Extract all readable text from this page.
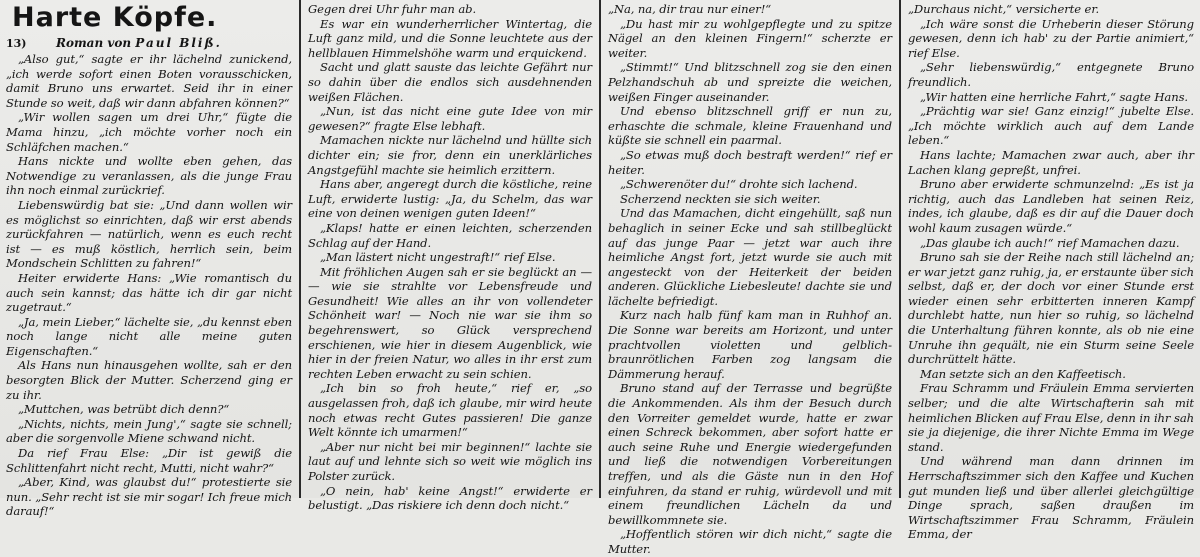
Harte Köpfe.
13)	Roman von Paul Bliß.

„Also gut,“ sagte er ihr lächelnd zunickend, „ich werde sofort einen Boten vorausschicken, damit Bruno uns erwartet. Seid ihr in einer Stunde so weit, daß wir dann abfahren können?“

„Wir wollen sagen um drei Uhr,“ fügte die Mama hinzu, „ich möchte vorher noch ein Schläfchen machen.“

Hans nickte und wollte eben gehen, das Notwendige zu veranlassen, als die junge Frau ihn noch einmal zurückrief.

Liebenswürdig bat sie: „Und dann wollen wir es möglichst so einrichten, daß wir erst abends zurückfahren — natürlich, wenn es euch recht ist — es muß köstlich, herrlich sein, beim Mondschein Schlitten zu fahren!“

Heiter erwiderte Hans: „Wie romantisch du auch sein kannst; das hätte ich dir gar nicht zugetraut.“

„Ja, mein Lieber,“ lächelte sie, „du kennst eben noch lange nicht alle meine guten Eigenschaften.“

Als Hans nun hinausgehen wollte, sah er den besorgten Blick der Mutter. Scherzend ging er zu ihr.

„Muttchen, was betrübt dich denn?“

„Nichts, nichts, mein Jung',“ sagte sie schnell; aber die sorgenvolle Miene schwand nicht.

Da rief Frau Else: „Dir ist gewiß die Schlittenfahrt nicht recht, Mutti, nicht wahr?“

„Aber, Kind, was glaubst du!“ protestierte sie nun. „Sehr recht ist sie mir sogar! Ich freue mich darauf!“

Gegen drei Uhr fuhr man ab.

Es war ein wunderherrlicher Wintertag, die Luft ganz mild, und die Sonne leuchtete aus der hellblauen Himmelshöhe warm und erquickend.

Sacht und glatt sauste das leichte Gefährt nur so dahin über die endlos sich ausdehnenden weißen Flächen.

„Nun, ist das nicht eine gute Idee von mir gewesen?“ fragte Else lebhaft.

Mamachen nickte nur lächelnd und hüllte sich dichter ein; sie fror, denn ein unerklärliches Angstgefühl machte sie heimlich erzittern.

Hans aber, angeregt durch die köstliche, reine Luft, erwiderte lustig: „Ja, du Schelm, das war eine von deinen wenigen guten Ideen!“

„Klaps! hatte er einen leichten, scherzenden Schlag auf der Hand.

„Man lästert nicht ungestraft!“ rief Else.

Mit fröhlichen Augen sah er sie beglückt an — — wie sie strahlte vor Lebensfreude und Gesundheit! Wie alles an ihr von vollendeter Schönheit war! — Noch nie war sie ihm so begehrenswert, so Glück versprechend erschienen, wie hier in diesem Augenblick, wie hier in der freien Natur, wo alles in ihr erst zum rechten Leben erwacht zu sein schien.

„Ich bin so froh heute,“ rief er, „so ausgelassen froh, daß ich glaube, mir wird heute noch etwas recht Gutes passieren! Die ganze Welt könnte ich umarmen!“

„Aber nur nicht bei mir beginnen!“ lachte sie laut auf und lehnte sich so weit wie möglich ins Polster zurück.

„O nein, hab' keine Angst!“ erwiderte er belustigt. „Das riskiere ich denn doch nicht.“

„Na, na, dir trau nur einer!“

„Du hast mir zu wohlgepflegte und zu spitze Nägel an den kleinen Fingern!“ scherzte er weiter.

„Stimmt!“ Und blitzschnell zog sie den einen Pelzhandschuh ab und spreizte die weichen, weißen Finger auseinander.

Und ebenso blitzschnell griff er nun zu, erhaschte die schmale, kleine Frauenhand und küßte sie schnell ein paarmal.

„So etwas muß doch bestraft werden!“ rief er heiter.

„Schwerenöter du!“ drohte sich lachend.

Scherzend neckten sie sich weiter.

Und das Mamachen, dicht eingehüllt, saß nun behaglich in seiner Ecke und sah stillbeglückt auf das junge Paar — jetzt war auch ihre heimliche Angst fort, jetzt wurde sie auch mit angesteckt von der Heiterkeit der beiden anderen. Glückliche Liebesleute! dachte sie und lächelte befriedigt.

Kurz nach halb fünf kam man in Ruhhof an. Die Sonne war bereits am Horizont, und unter prachtvollen violetten und gelblich-braunrötlichen Farben zog langsam die Dämmerung herauf.

Bruno stand auf der Terrasse und begrüßte die Ankommenden. Als ihm der Besuch durch den Vorreiter gemeldet wurde, hatte er zwar einen Schreck bekommen, aber sofort hatte er auch seine Ruhe und Energie wiedergefunden und ließ die notwendigen Vorbereitungen treffen, und als die Gäste nun in den Hof einfuhren, da stand er ruhig, würdevoll und mit einem freundlichen Lächeln da und bewillkommnete sie.

„Hoffentlich stören wir dich nicht,“ sagte die Mutter.

„Durchaus nicht,“ versicherte er.

„Ich wäre sonst die Urheberin dieser Störung gewesen, denn ich hab' zu der Partie animiert,“ rief Else.

„Sehr liebenswürdig,“ entgegnete Bruno freundlich.

„Wir hatten eine herrliche Fahrt,“ sagte Hans.

„Prächtig war sie! Ganz einzig!“ jubelte Else. „Ich möchte wirklich auch auf dem Lande leben.“

Hans lachte; Mamachen zwar auch, aber ihr Lachen klang gepreßt, unfrei.

Bruno aber erwiderte schmunzelnd: „Es ist ja richtig, auch das Landleben hat seinen Reiz, indes, ich glaube, daß es dir auf die Dauer doch wohl kaum zusagen würde.“

„Das glaube ich auch!“ rief Mamachen dazu.

Bruno sah sie der Reihe nach still lächelnd an; er war jetzt ganz ruhig, ja, er erstaunte über sich selbst, daß er, der doch vor einer Stunde erst wieder einen sehr erbitterten inneren Kampf durchlebt hatte, nun hier so ruhig, so lächelnd die Unterhaltung führen konnte, als ob nie eine Unruhe ihn gequält, nie ein Sturm seine Seele durchrüttelt hätte.

Man setzte sich an den Kaffeetisch.

Frau Schramm und Fräulein Emma servierten selber; und die alte Wirtschafterin sah mit heimlichen Blicken auf Frau Else, denn in ihr sah sie ja diejenige, die ihrer Nichte Emma im Wege stand.

Und während man dann drinnen im Herrschaftszimmer sich den Kaffee und Kuchen gut munden ließ und über allerlei gleichgültige Dinge sprach, saßen draußen im Wirtschaftszimmer Frau Schramm, Fräulein Emma, der
